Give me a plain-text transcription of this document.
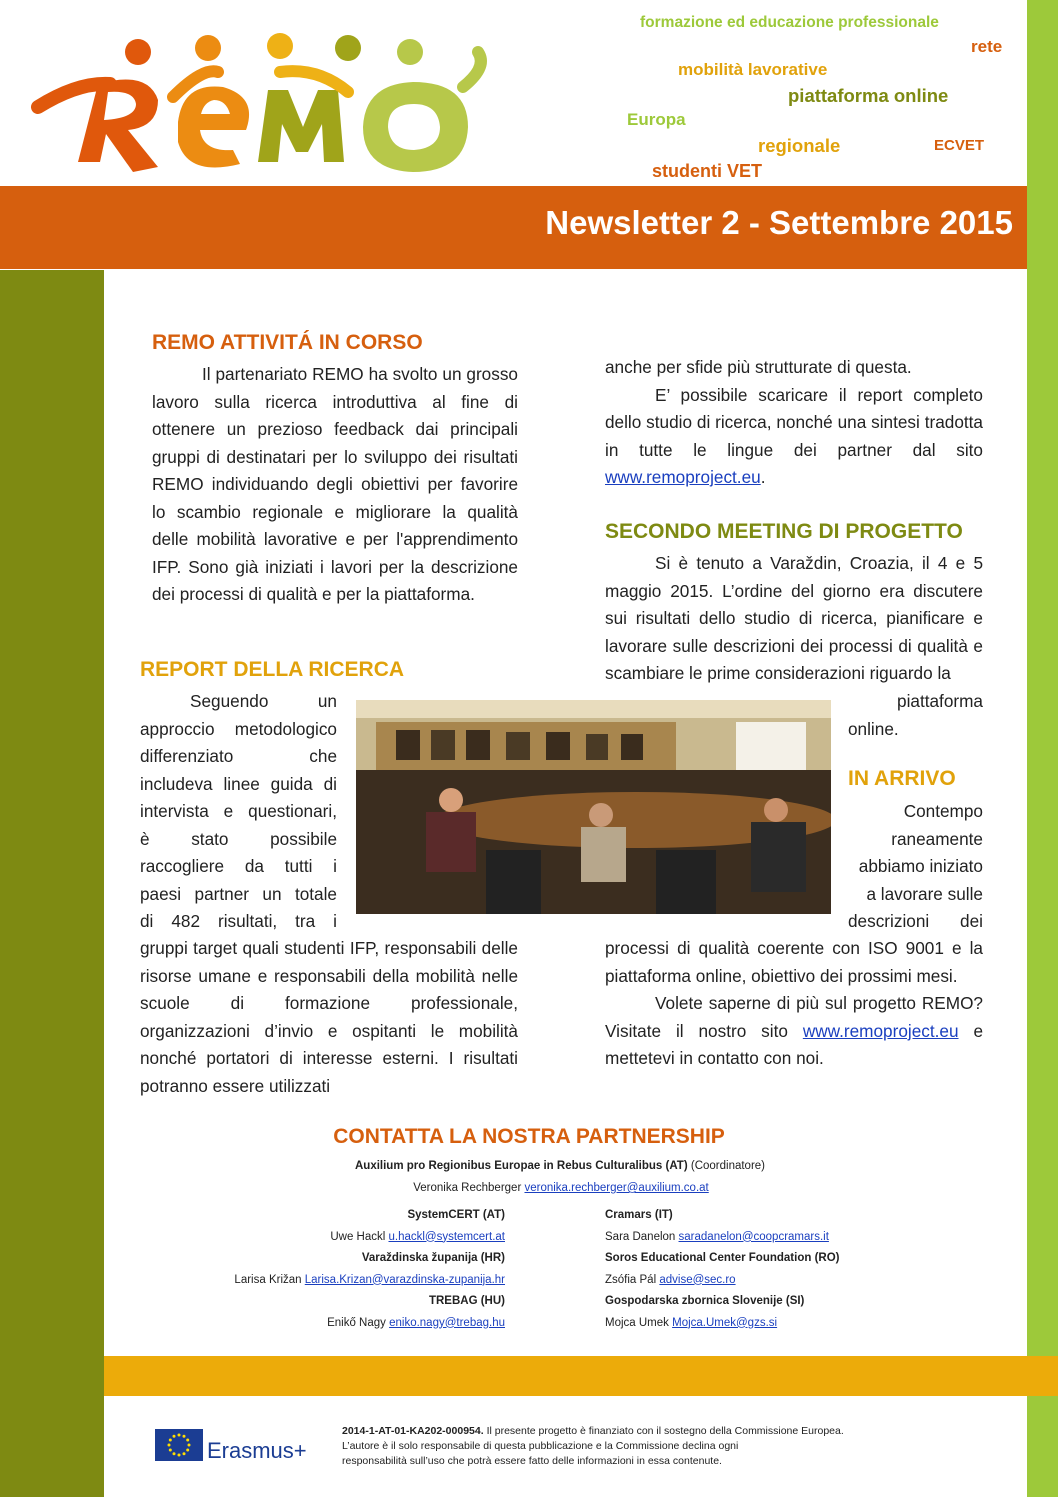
formazione ed educazione professionale
rete
mobilità lavorative
piattaforma online
Europa
regionale	ECVET
studenti VET
Newsletter 2 - Settembre 2015
REMO ATTIVITÁ IN CORSO
Il partenariato REMO ha svolto un grosso lavoro sulla ricerca introduttiva al fine di ottenere un prezioso feedback dai principali gruppi di destinatari per lo sviluppo dei risultati REMO individuando degli obiettivi per favorire lo scambio regionale e migliorare la qualità delle mobilità lavorative e per l'apprendimento IFP. Sono già iniziati i lavori per la descrizione dei processi di qualità e per la piattaforma.
REPORT DELLA RICERCA
Seguendo un
approccio metodologico
differenziato che
includeva linee guida di
intervista e questionari,
è stato possibile
raccogliere da tutti i
paesi partner un totale
di 482 risultati, tra i
gruppi target quali studenti IFP, responsabili delle risorse umane e responsabili della mobilità nelle scuole di formazione professionale, organizzazioni d’invio e ospitanti le mobilità nonché portatori di interesse esterni. I risultati potranno essere utilizzati
anche per sfide più strutturate di questa.
E’ possibile scaricare il report completo dello studio di ricerca, nonché una sintesi tradotta in tutte le lingue dei partner dal sito www.remoproject.eu.
SECONDO MEETING DI PROGETTO
Si è tenuto a Varaždin, Croazia, il 4 e 5 maggio 2015. L’ordine del giorno era discutere sui risultati dello studio di ricerca, pianificare e lavorare sulle descrizioni dei processi di qualità e scambiare le prime considerazioni riguardo la
piattaforma
online.
IN ARRIVO
Contempo
raneamente
abbiamo iniziato
a lavorare sulle
descrizioni dei
processi di qualità coerente con ISO 9001 e la piattaforma online, obiettivo dei prossimi mesi.
Volete saperne di più sul progetto REMO? Visitate il nostro sito www.remoproject.eu e mettetevi in contatto con noi.
CONTATTA LA NOSTRA PARTNERSHIP
Auxilium pro Regionibus Europae in Rebus Culturalibus (AT) (Coordinatore)
Veronika Rechberger veronika.rechberger@auxilium.co.at
SystemCERT (AT)
Uwe Hackl u.hackl@systemcert.at
Varaždinska županija (HR)
Larisa Križan Larisa.Krizan@varazdinska-zupanija.hr
TREBAG (HU)
Enikő Nagy eniko.nagy@trebag.hu
Cramars (IT)
Sara Danelon saradanelon@coopcramars.it
Soros Educational Center Foundation (RO)
Zsófia Pál advise@sec.ro
Gospodarska zbornica Slovenije (SI)
Mojca Umek Mojca.Umek@gzs.si
Erasmus+
2014-1-AT-01-KA202-000954. Il presente progetto è finanziato con il sostegno della Commissione Europea.
L’autore è il solo responsabile di questa pubblicazione e la Commissione declina ogni
responsabilità sull’uso che potrà essere fatto delle informazioni in essa contenute.
